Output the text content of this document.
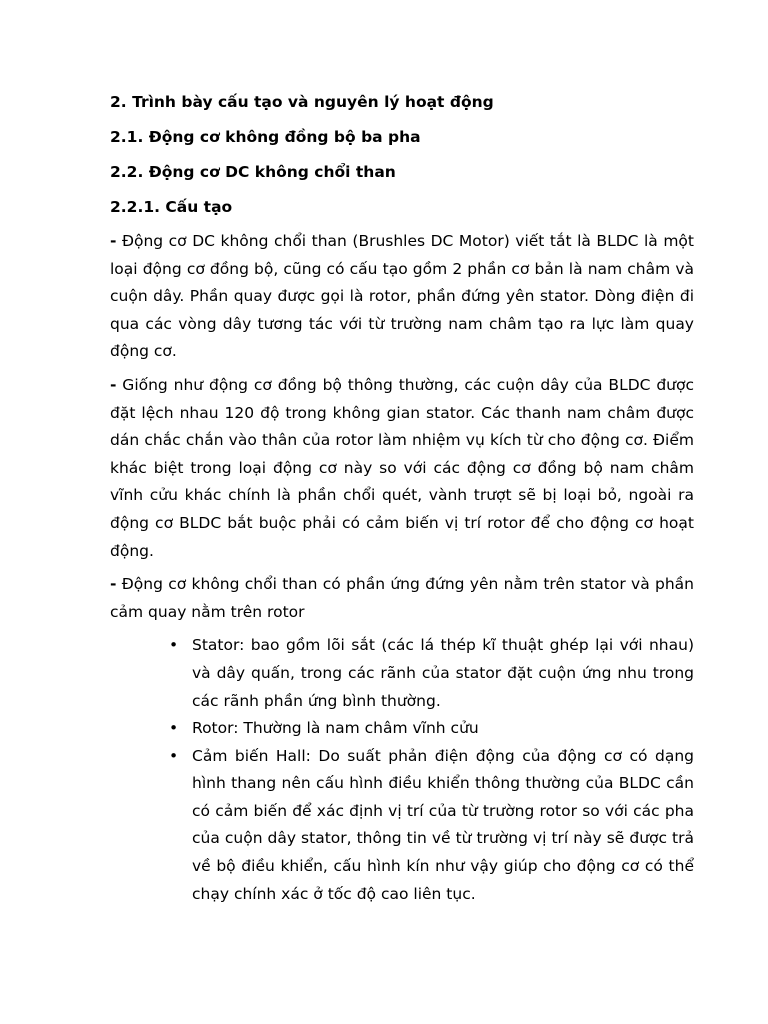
2. Trình bày cấu tạo và nguyên lý hoạt động
2.1. Động cơ không đồng bộ ba pha
2.2. Động cơ DC không chổi than
2.2.1. Cấu tạo

- Động cơ DC không chổi than (Brushles DC Motor) viết tắt là BLDC là một loại động cơ đồng bộ, cũng có cấu tạo gồm 2 phần cơ bản là nam châm và cuộn dây. Phần quay được gọi là rotor, phần đứng yên stator. Dòng điện đi qua các vòng dây tương tác với từ trường nam châm tạo ra lực làm quay động cơ.

- Giống như động cơ đồng bộ thông thường, các cuộn dây của BLDC được đặt lệch nhau 120 độ trong không gian stator. Các thanh nam châm được dán chắc chắn vào thân của rotor làm nhiệm vụ kích từ cho động cơ. Điểm khác biệt trong loại động cơ này so với các động cơ đồng bộ nam châm vĩnh cửu khác chính là phần chổi quét, vành trượt sẽ bị loại bỏ, ngoài ra động cơ BLDC bắt buộc phải có cảm biến vị trí rotor để cho động cơ hoạt động.

- Động cơ không chổi than có phần ứng đứng yên nằm trên stator và phần cảm quay nằm trên rotor

• Stator: bao gồm lõi sắt (các lá thép kĩ thuật ghép lại với nhau) và dây quấn, trong các rãnh của stator đặt cuộn ứng nhu trong các rãnh phần ứng bình thường.
• Rotor: Thường là nam châm vĩnh cửu
• Cảm biến Hall: Do suất phản điện động của động cơ có dạng hình thang nên cấu hình điều khiển thông thường của BLDC cần có cảm biến để xác định vị trí của từ trường rotor so với các pha của cuộn dây stator, thông tin về từ trường vị trí này sẽ được trả về bộ điều khiển, cấu hình kín như vậy giúp cho động cơ có thể chạy chính xác ở tốc độ cao liên tục.
